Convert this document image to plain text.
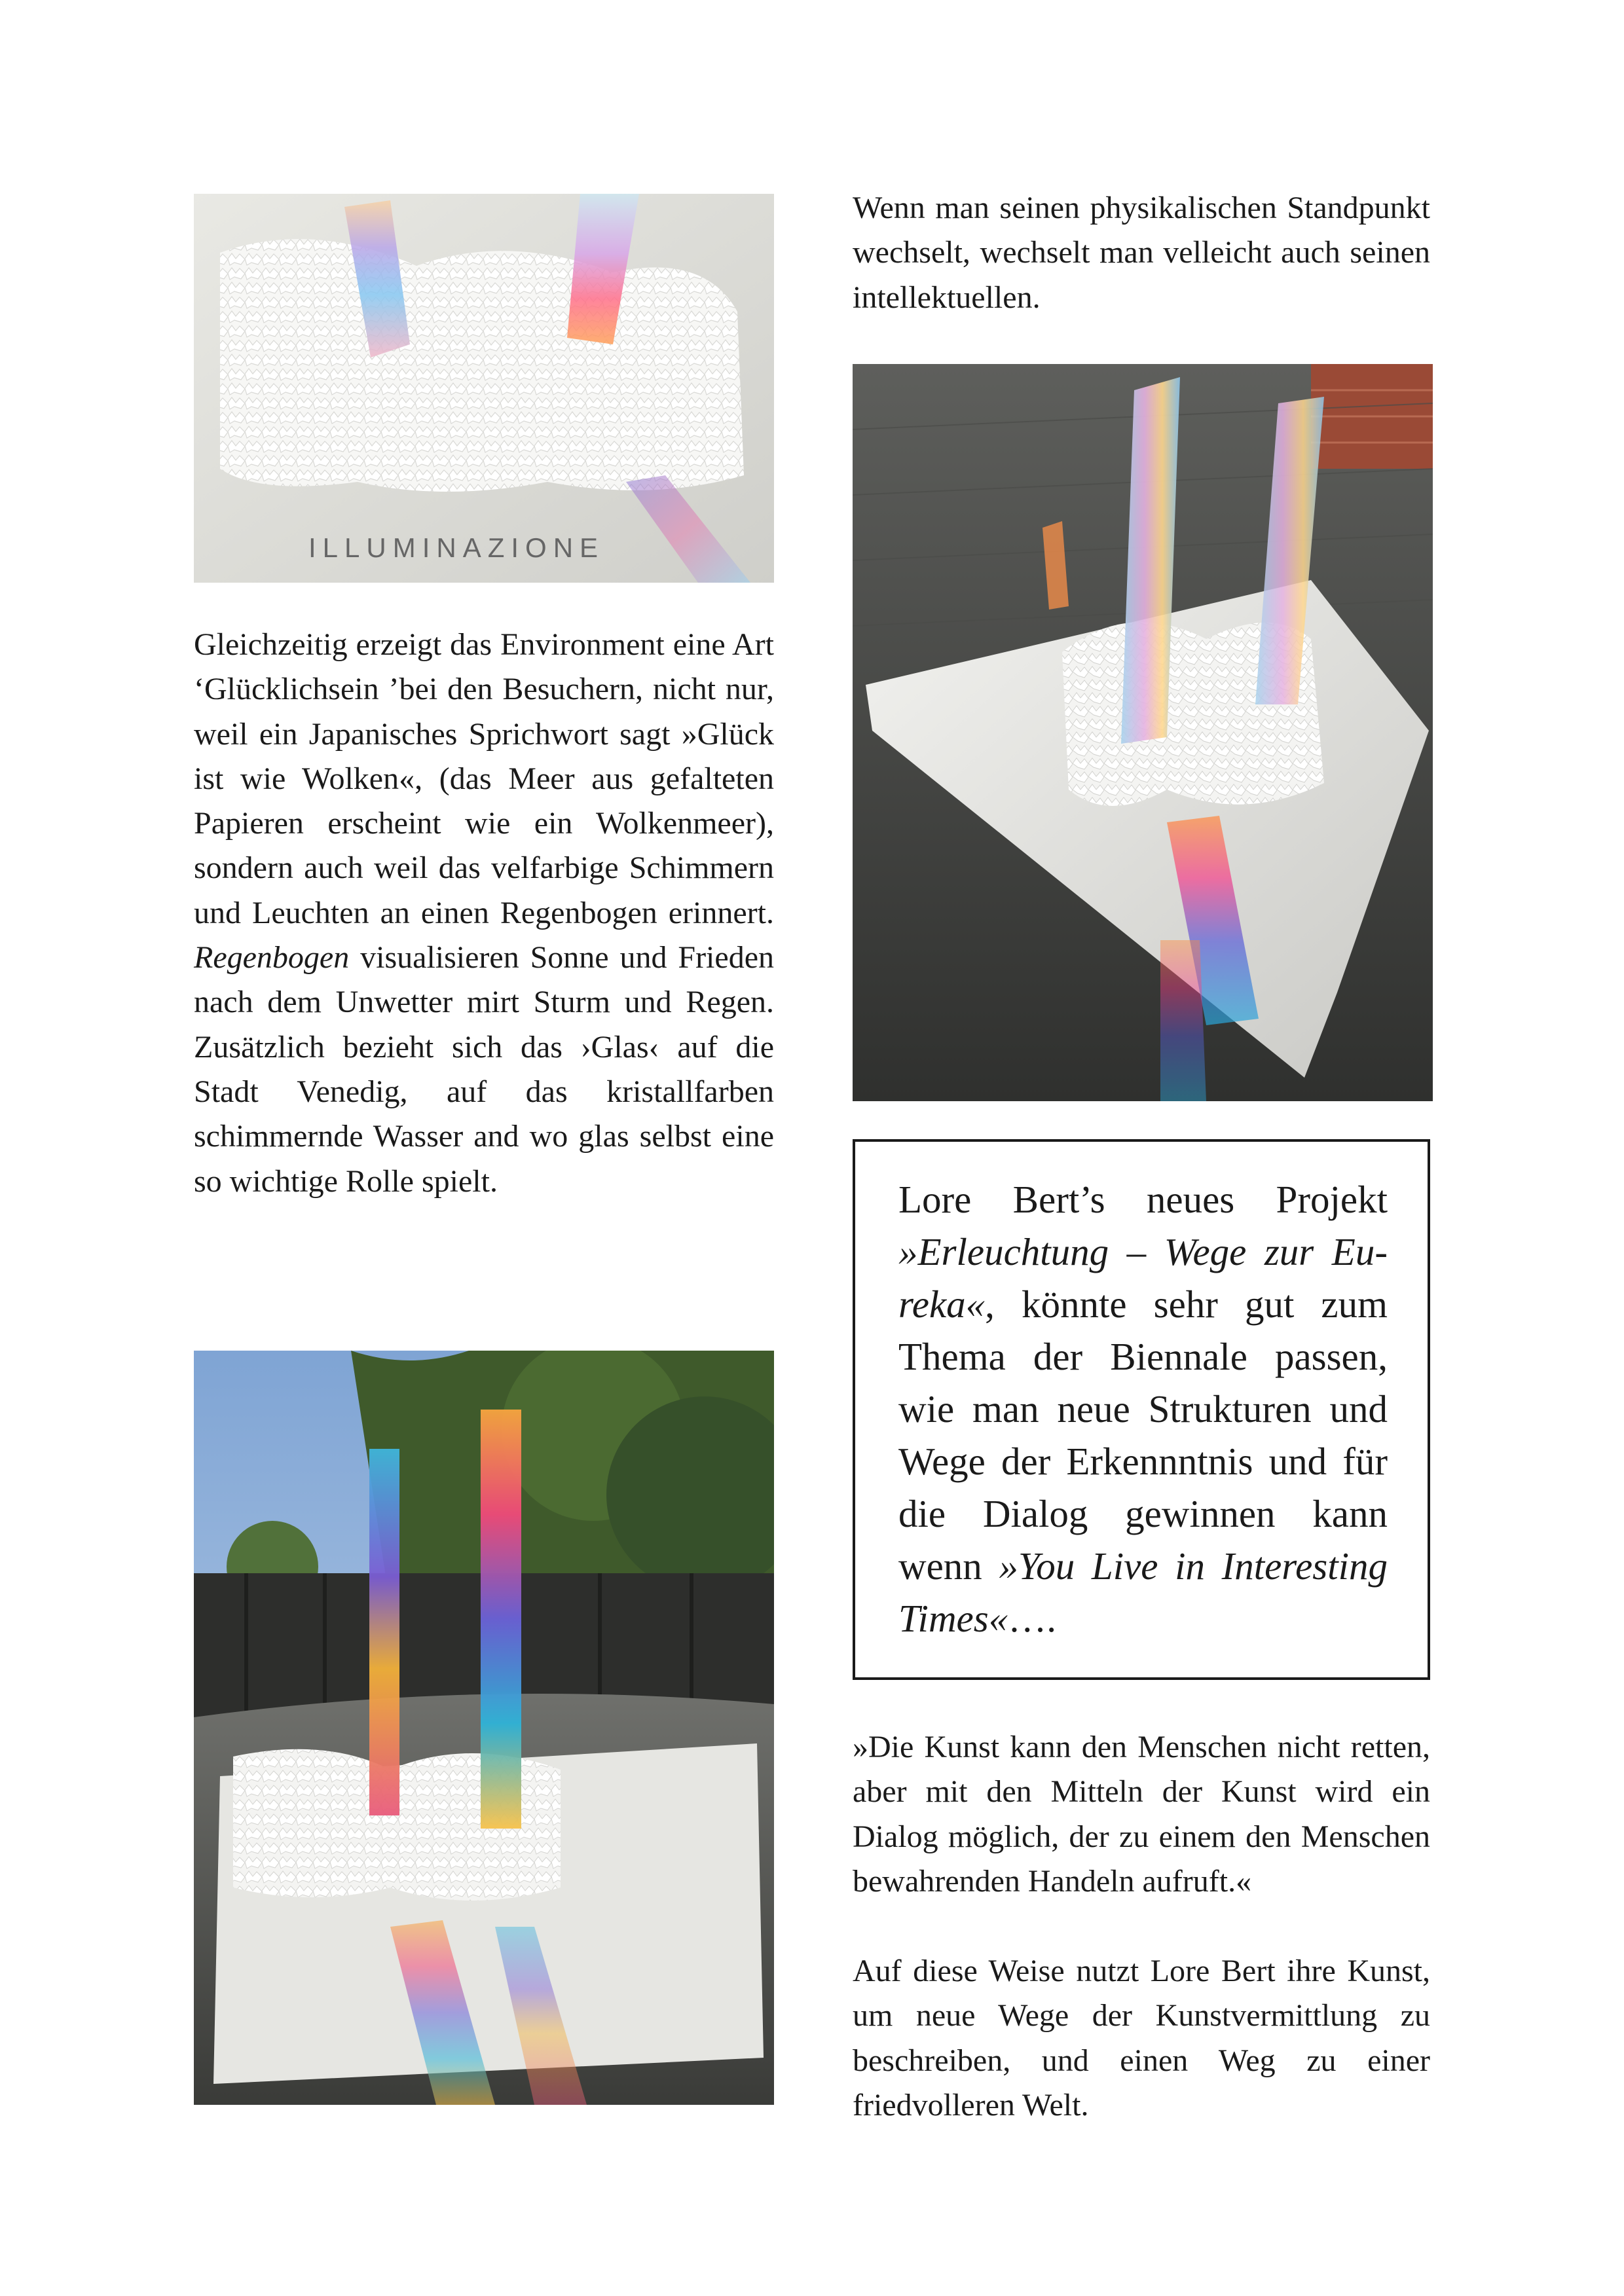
ILLUMINAZIONE

Wenn man seinen physikalischen Standpunkt wechselt, wechselt man velleicht auch seinen intellektuellen.

Gleichzeitig erzeigt das Environment eine Art ‘Glücklichsein ’bei den Besuchern, nicht nur, weil ein Japanisches Sprichwort sagt »Glück ist wie Wolken«, (das Meer aus gefalteten Papieren erscheint wie ein Wolkenmeer), sondern auch weil das velfarbige Schimmern und Leuchten an einen Regenbogen erinnert. Regenbogen visualisieren Sonne und Frieden nach dem Unwetter mirt Sturm und Regen. Zusätzlich bezieht sich das ›Glas‹ auf die Stadt Venedig, auf das kristallfarben schimmernde Wasser and wo glas selbst eine so wichtige Rolle spielt.	Lore Bert’s neues Projekt »Erleuchtung – Wege zur Eureka«, könnte sehr gut zum Thema der Biennale passen, wie man neue Strukturen und Wege der Erkennntnis und für die Dialog gewinnen kann wenn »You Live in Interesting Times«….

»Die Kunst kann den Menschen nicht retten, aber mit den Mitteln der Kunst wird ein Dialog möglich, der zu einem den Menschen bewahrenden Handeln aufruft.«

Auf diese Weise nutzt Lore Bert ihre Kunst, um neue Wege der Kunstvermittlung zu beschreiben, und einen Weg zu einer friedvolleren Welt.
